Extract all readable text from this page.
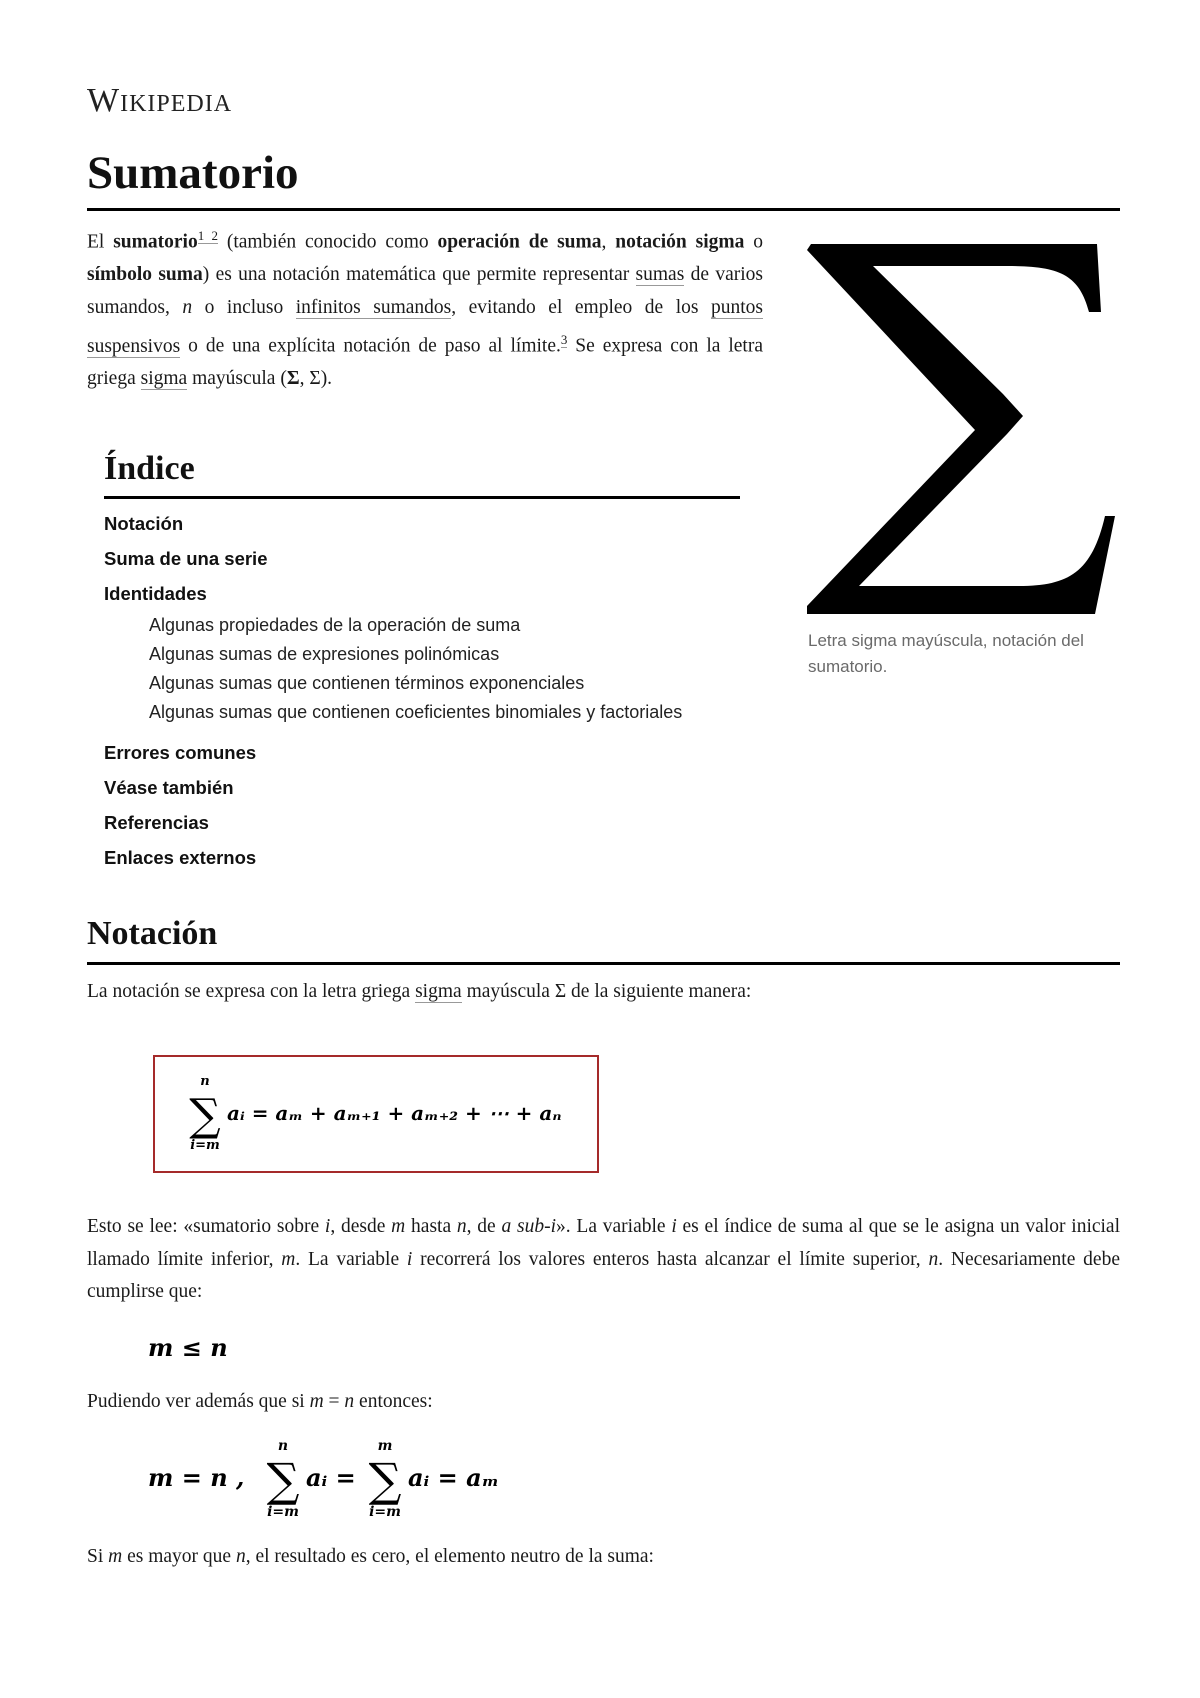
Wikipedia
Sumatorio
El sumatorio$^{1 2}$ (también conocido como operación de suma, notación sigma o símbolo suma) es una notación matemática que permite representar sumas de varios sumandos, n o incluso infinitos sumandos, evitando el empleo de los puntos suspensivos o de una explícita notación de paso al límite.$^3$ Se expresa con la letra griega sigma mayúscula (Σ, Σ).
Letra sigma mayúscula, notación del sumatorio.
Índice
Notación
Suma de una serie
Identidades
Algunas propiedades de la operación de suma
Algunas sumas de expresiones polinómicas
Algunas sumas que contienen términos exponenciales
Algunas sumas que contienen coeficientes binomiales y factoriales
Errores comunes
Véase también
Referencias
Enlaces externos
Notación
La notación se expresa con la letra griega sigma mayúscula Σ de la siguiente manera:
n
∑
i=m
aᵢ = aₘ + aₘ₊₁ + aₘ₊₂ + ⋯ + aₙ
Esto se lee: «sumatorio sobre i, desde m hasta n, de a sub-i». La variable i es el índice de suma al que se le asigna un valor inicial llamado límite inferior, m. La variable i recorrerá los valores enteros hasta alcanzar el límite superior, n. Necesariamente debe cumplirse que:
m ≤ n
Pudiendo ver además que si m = n entonces:
m = n ,
n
∑
i=m
aᵢ =
m
∑
i=m
aᵢ = aₘ
Si m es mayor que n, el resultado es cero, el elemento neutro de la suma:
